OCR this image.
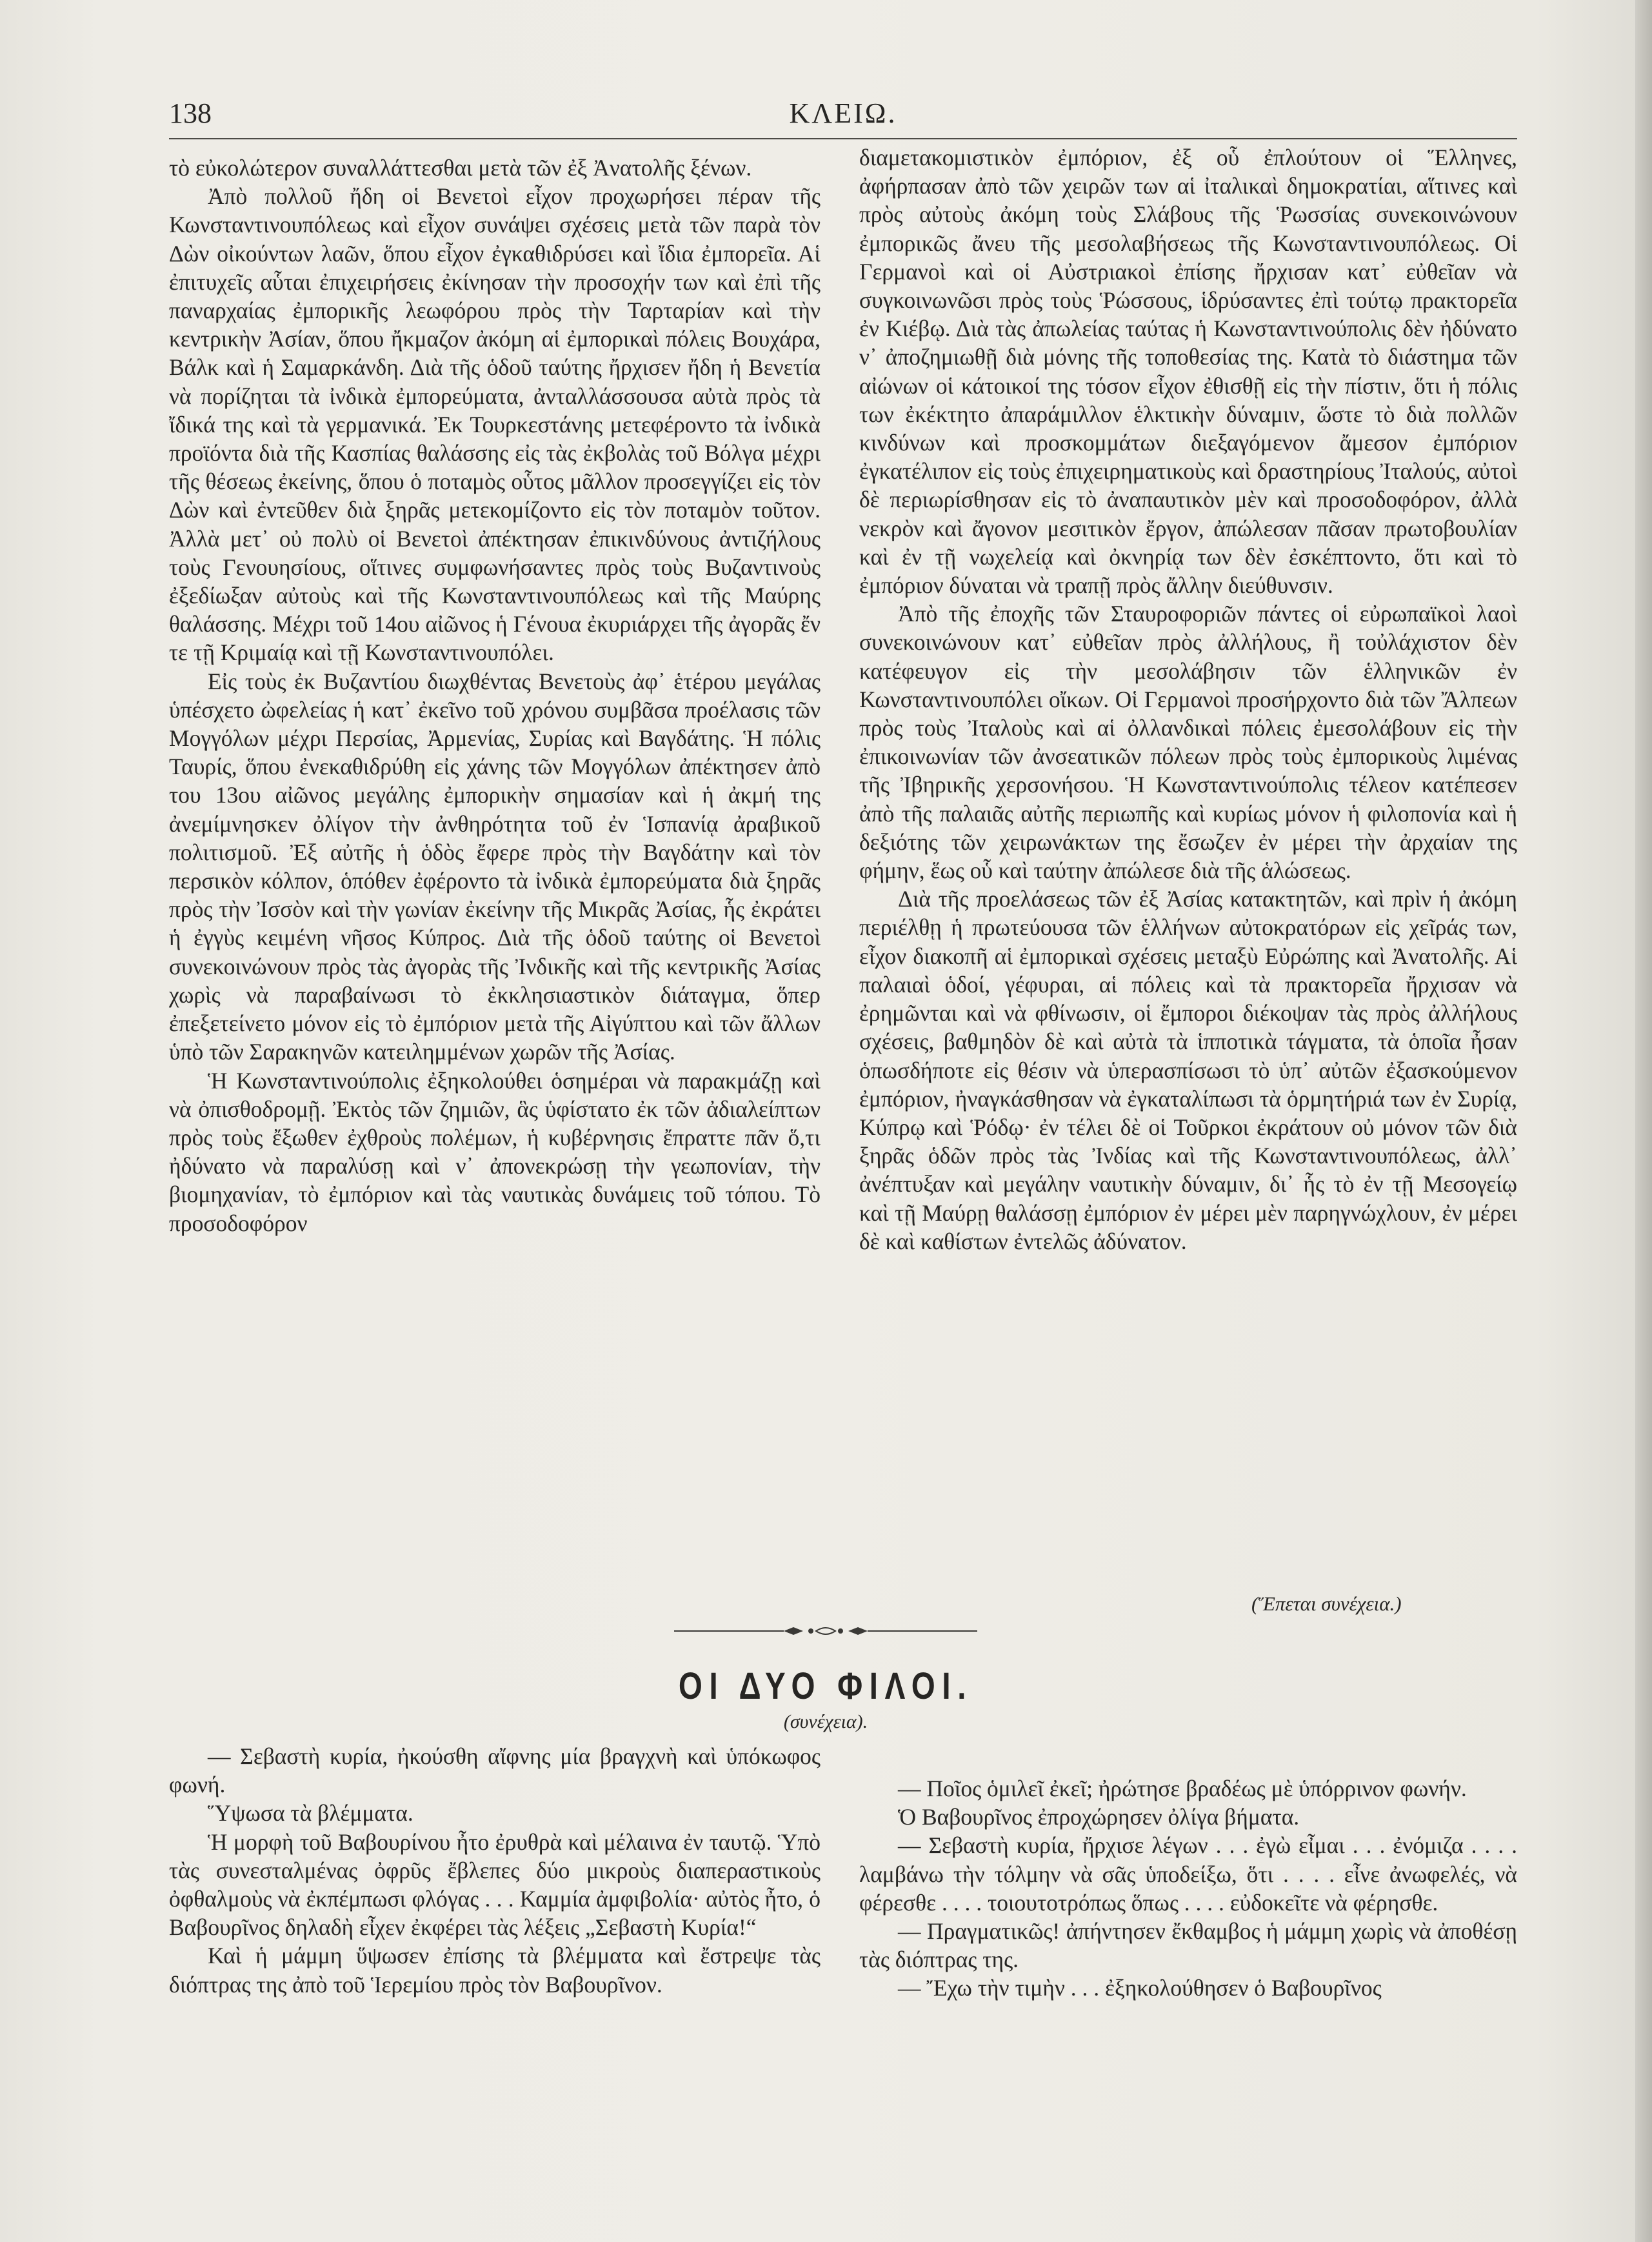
138	ΚΛΕΙΩ.

τὸ εὐκολώτερον συναλλάττεσθαι μετὰ τῶν ἐξ Ἀνατολῆς ξένων.

Ἀπὸ πολλοῦ ἤδη οἱ Βενετοὶ εἶχον προχωρήσει πέραν τῆς Κωνσταντινουπόλεως καὶ εἶχον συνάψει σχέσεις μετὰ τῶν παρὰ τὸν Δὼν οἰκούντων λαῶν, ὅπου εἶχον ἐγκαθιδρύσει καὶ ἴδια ἐμπορεῖα. Αἱ ἐπιτυχεῖς αὗται ἐπιχειρήσεις ἐκίνησαν τὴν προσοχήν των καὶ ἐπὶ τῆς παναρχαίας ἐμπορικῆς λεωφόρου πρὸς τὴν Ταρταρίαν καὶ τὴν κεντρικὴν Ἀσίαν, ὅπου ἤκμαζον ἀκόμη αἱ ἐμπορικαὶ πόλεις Βουχάρα, Βάλκ καὶ ἡ Σαμαρκάνδη. Διὰ τῆς ὁδοῦ ταύτης ἤρχισεν ἤδη ἡ Βενετία νὰ πορίζηται τὰ ἰνδικὰ ἐμπορεύματα, ἀνταλλάσσουσα αὐτὰ πρὸς τὰ ἴδικά της καὶ τὰ γερμανικά. Ἐκ Τουρκεστάνης μετεφέροντο τὰ ἰνδικὰ προϊόντα διὰ τῆς Κασπίας θαλάσσης εἰς τὰς ἐκβολὰς τοῦ Βόλγα μέχρι τῆς θέσεως ἐκείνης, ὅπου ὁ ποταμὸς οὗτος μᾶλλον προσεγγίζει εἰς τὸν Δὼν καὶ ἐντεῦθεν διὰ ξηρᾶς μετεκομίζοντο εἰς τὸν ποταμὸν τοῦτον. Ἀλλὰ μετ᾽ οὐ πολὺ οἱ Βενετοὶ ἀπέκτησαν ἐπικινδύνους ἀντιζήλους τοὺς Γενουησίους, οἵτινες συμφωνήσαντες πρὸς τοὺς Βυζαντινοὺς ἐξεδίωξαν αὐτοὺς καὶ τῆς Κωνσταντινουπόλεως καὶ τῆς Μαύρης θαλάσσης. Μέχρι τοῦ 14ου αἰῶνος ἡ Γένουα ἐκυριάρχει τῆς ἀγορᾶς ἔν τε τῇ Κριμαίᾳ καὶ τῇ Κωνσταντινουπόλει.

Εἰς τοὺς ἐκ Βυζαντίου διωχθέντας Βενετοὺς ἀφ᾽ ἑτέρου μεγάλας ὑπέσχετο ὠφελείας ἡ κατ᾽ ἐκεῖνο τοῦ χρόνου συμβᾶσα προέλασις τῶν Μογγόλων μέχρι Περσίας, Ἀρμενίας, Συρίας καὶ Βαγδάτης. Ἡ πόλις Ταυρίς, ὅπου ἐνεκαθιδρύθη εἰς χάνης τῶν Μογγόλων ἀπέκτησεν ἀπὸ του 13ου αἰῶνος μεγάλης ἐμπορικὴν σημασίαν καὶ ἡ ἀκμή της ἀνεμίμνησκεν ὀλίγον τὴν ἀνθηρότητα τοῦ ἐν Ἱσπανίᾳ ἀραβικοῦ πολιτισμοῦ. Ἐξ αὐτῆς ἡ ὁδὸς ἔφερε πρὸς τὴν Βαγδάτην καὶ τὸν περσικὸν κόλπον, ὁπόθεν ἐφέροντο τὰ ἰνδικὰ ἐμπορεύματα διὰ ξηρᾶς πρὸς τὴν Ἰσσὸν καὶ τὴν γωνίαν ἐκείνην τῆς Μικρᾶς Ἀσίας, ἧς ἐκράτει ἡ ἐγγὺς κειμένη νῆσος Κύπρος. Διὰ τῆς ὁδοῦ ταύτης οἱ Βενετοὶ συνεκοινώνουν πρὸς τὰς ἀγορὰς τῆς Ἰνδικῆς καὶ τῆς κεντρικῆς Ἀσίας χωρὶς νὰ παραβαίνωσι τὸ ἐκκλησιαστικὸν διάταγμα, ὅπερ ἐπεξετείνετο μόνον εἰς τὸ ἐμπόριον μετὰ τῆς Αἰγύπτου καὶ τῶν ἄλλων ὑπὸ τῶν Σαρακηνῶν κατειλημμένων χωρῶν τῆς Ἀσίας.

Ἡ Κωνσταντινούπολις ἐξηκολούθει ὁσημέραι νὰ παρακμάζῃ καὶ νὰ ὀπισθοδρομῇ. Ἐκτὸς τῶν ζημιῶν, ἃς ὑφίστατο ἐκ τῶν ἀδιαλείπτων πρὸς τοὺς ἔξωθεν ἐχθροὺς πολέμων, ἡ κυβέρνησις ἔπραττε πᾶν ὅ,τι ἠδύνατο νὰ παραλύσῃ καὶ ν᾽ ἀπονεκρώσῃ τὴν γεωπονίαν, τὴν βιομηχανίαν, τὸ ἐμπόριον καὶ τὰς ναυτικὰς δυνάμεις τοῦ τόπου. Τὸ προσοδοφόρον

διαμετακομιστικὸν ἐμπόριον, ἐξ οὗ ἐπλούτουν οἱ Ἕλληνες, ἀφήρπασαν ἀπὸ τῶν χειρῶν των αἱ ἰταλικαὶ δημοκρατίαι, αἵτινες καὶ πρὸς αὐτοὺς ἀκόμη τοὺς Σλάβους τῆς Ῥωσσίας συνεκοινώνουν ἐμπορικῶς ἄνευ τῆς μεσολαβήσεως τῆς Κωνσταντινουπόλεως. Οἱ Γερμανοὶ καὶ οἱ Αὐστριακοὶ ἐπίσης ἤρχισαν κατ᾽ εὐθεῖαν νὰ συγκοινωνῶσι πρὸς τοὺς Ῥώσσους, ἱδρύσαντες ἐπὶ τούτῳ πρακτορεῖα ἐν Κιέβῳ. Διὰ τὰς ἀπωλείας ταύτας ἡ Κωνσταντινούπολις δὲν ἠδύνατο ν᾽ ἀποζημιωθῇ διὰ μόνης τῆς τοποθεσίας της. Κατὰ τὸ διάστημα τῶν αἰώνων οἱ κάτοικοί της τόσον εἶχον ἐθισθῇ εἰς τὴν πίστιν, ὅτι ἡ πόλις των ἐκέκτητο ἀπαράμιλλον ἑλκτικὴν δύναμιν, ὥστε τὸ διὰ πολλῶν κινδύνων καὶ προσκομμάτων διεξαγόμενον ἄμεσον ἐμπόριον ἐγκατέλιπον εἰς τοὺς ἐπιχειρηματικοὺς καὶ δραστηρίους Ἰταλούς, αὐτοὶ δὲ περιωρίσθησαν εἰς τὸ ἀναπαυτικὸν μὲν καὶ προσοδοφόρον, ἀλλὰ νεκρὸν καὶ ἄγονον μεσιτικὸν ἔργον, ἀπώλεσαν πᾶσαν πρωτοβουλίαν καὶ ἐν τῇ νωχελείᾳ καὶ ὀκνηρίᾳ των δὲν ἐσκέπτοντο, ὅτι καὶ τὸ ἐμπόριον δύναται νὰ τραπῇ πρὸς ἄλλην διεύθυνσιν.

Ἀπὸ τῆς ἐποχῆς τῶν Σταυροφοριῶν πάντες οἱ εὐρωπαϊκοὶ λαοὶ συνεκοινώνουν κατ᾽ εὐθεῖαν πρὸς ἀλλήλους, ἢ τοὐλάχιστον δὲν κατέφευγον εἰς τὴν μεσολάβησιν τῶν ἑλληνικῶν ἐν Κωνσταντινουπόλει οἴκων. Οἱ Γερμανοὶ προσήρχοντο διὰ τῶν Ἄλπεων πρὸς τοὺς Ἰταλοὺς καὶ αἱ ὀλλανδικαὶ πόλεις ἐμεσολάβουν εἰς τὴν ἐπικοινωνίαν τῶν ἀνσεατικῶν πόλεων πρὸς τοὺς ἐμπορικοὺς λιμένας τῆς Ἰβηρικῆς χερσονήσου. Ἡ Κωνσταντινούπολις τέλεον κατέπεσεν ἀπὸ τῆς παλαιᾶς αὐτῆς περιωπῆς καὶ κυρίως μόνον ἡ φιλοπονία καὶ ἡ δεξιότης τῶν χειρωνάκτων της ἔσωζεν ἐν μέρει τὴν ἀρχαίαν της φήμην, ἕως οὗ καὶ ταύτην ἀπώλεσε διὰ τῆς ἁλώσεως.

Διὰ τῆς προελάσεως τῶν ἐξ Ἀσίας κατακτητῶν, καὶ πρὶν ἡ ἀκόμη περιέλθῃ ἡ πρωτεύουσα τῶν ἑλλήνων αὐτοκρατόρων εἰς χεῖράς των, εἶχον διακοπῆ αἱ ἐμπορικαὶ σχέσεις μεταξὺ Εὐρώπης καὶ Ἀνατολῆς. Αἱ παλαιαὶ ὁδοί, γέφυραι, αἱ πόλεις καὶ τὰ πρακτορεῖα ἤρχισαν νὰ ἐρημῶνται καὶ νὰ φθίνωσιν, οἱ ἔμποροι διέκοψαν τὰς πρὸς ἀλλήλους σχέσεις, βαθμηδὸν δὲ καὶ αὐτὰ τὰ ἱπποτικὰ τάγματα, τὰ ὁποῖα ἦσαν ὁπωσδήποτε εἰς θέσιν νὰ ὑπερασπίσωσι τὸ ὑπ᾽ αὐτῶν ἐξασκούμενον ἐμπόριον, ἠναγκάσθησαν νὰ ἐγκαταλίπωσι τὰ ὁρμητήριά των ἐν Συρίᾳ, Κύπρῳ καὶ Ῥόδῳ· ἐν τέλει δὲ οἱ Τοῦρκοι ἐκράτουν οὐ μόνον τῶν διὰ ξηρᾶς ὁδῶν πρὸς τὰς Ἰνδίας καὶ τῆς Κωνσταντινουπόλεως, ἀλλ᾽ ἀνέπτυξαν καὶ μεγάλην ναυτικὴν δύναμιν, δι᾽ ἧς τὸ ἐν τῇ Μεσογείῳ καὶ τῇ Μαύρῃ θαλάσσῃ ἐμπόριον ἐν μέρει μὲν παρηγνώχλουν, ἐν μέρει δὲ καὶ καθίστων ἐντελῶς ἀδύνατον.

(Ἕπεται συνέχεια.)
ΟΙ ΔΥΟ ΦΙΛΟΙ.
(συνέχεια).

— Σεβαστὴ κυρία, ἠκούσθη αἴφνης μία βραγχνὴ καὶ ὑπόκωφος φωνή.

Ὕψωσα τὰ βλέμματα.

Ἡ μορφὴ τοῦ Βαβουρίνου ἦτο ἐρυθρὰ καὶ μέλαινα ἐν ταυτῷ. Ὑπὸ τὰς συνεσταλμένας ὀφρῦς ἔβλεπες δύο μικροὺς διαπεραστικοὺς ὀφθαλμοὺς νὰ ἐκπέμπωσι φλόγας . . . Καμμία ἀμφιβολία· αὐτὸς ἦτο, ὁ Βαβουρῖνος δηλαδὴ εἶχεν ἐκφέρει τὰς λέξεις „Σεβαστὴ Κυρία!“

Καὶ ἡ μάμμη ὕψωσεν ἐπίσης τὰ βλέμματα καὶ ἔστρεψε τὰς διόπτρας της ἀπὸ τοῦ Ἱερεμίου πρὸς τὸν Βαβουρῖνον.

— Ποῖος ὁμιλεῖ ἐκεῖ; ἠρώτησε βραδέως μὲ ὑπόρρινον φωνήν.

Ὁ Βαβουρῖνος ἐπροχώρησεν ὀλίγα βήματα.

— Σεβαστὴ κυρία, ἤρχισε λέγων . . . ἐγὼ εἶμαι . . . ἐνόμιζα . . . . λαμβάνω τὴν τόλμην νὰ σᾶς ὑποδείξω, ὅτι . . . . εἶνε ἀνωφελές, νὰ φέρεσθε . . . . τοιουτοτρόπως ὅπως . . . . εὐδοκεῖτε νὰ φέρησθε.

— Πραγματικῶς! ἀπήντησεν ἔκθαμβος ἡ μάμμη χωρὶς νὰ ἀποθέσῃ τὰς διόπτρας της.

— Ἔχω τὴν τιμὴν . . . ἐξηκολούθησεν ὁ Βαβουρῖνος
